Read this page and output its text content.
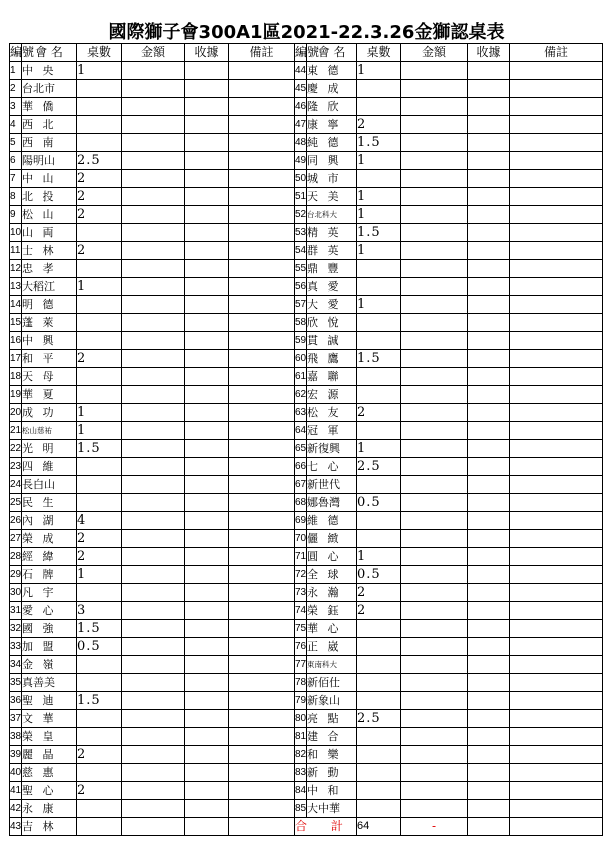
國際獅子會300A1區2021-22.3.26金獅認桌表
編號	會 名	桌數	金額	收據	備註	編號	會 名	桌數	金額	收據	備註
1	中 央	1				44	東 德	1			
2	台北市					45	慶 成				
3	華 僑					46	隆 欣				
4	西 北					47	康 寧	2			
5	西 南					48	純 德	1.5			
6	陽明山	2.5				49	同 興	1			
7	中 山	2				50	城 市				
8	北 投	2				51	天 美	1			
9	松 山	2				52	台北科大	1			
10	山 両					53	精 英	1.5			
11	士 林	2				54	群 英	1			
12	忠 孝					55	鼎 豐				
13	大稻江	1				56	真 愛				
14	明 德					57	大 愛	1			
15	蓬 萊					58	欣 悅				
16	中 興					59	貫 誠				
17	和 平	2				60	飛 鷹	1.5			
18	天 母					61	嘉 聯				
19	華 夏					62	宏 源				
20	成 功	1				63	松 友	2			
21	松山慈祐	1				64	冠 軍				
22	光 明	1.5				65	新復興	1			
23	四 維					66	七 心	2.5			
24	長白山					67	新世代				
25	民 生					68	娜魯灣	0.5			
26	內 湖	4				69	維 德				
27	榮 成	2				70	儷 緻				
28	經 緯	2				71	圓 心	1			
29	石 牌	1				72	全 球	0.5			
30	凡 宇					73	永 瀚	2			
31	愛 心	3				74	榮 鈺	2			
32	國 強	1.5				75	華 心				
33	加 盟	0.5				76	正 崴				
34	金 嶺					77	東南科大				
35	真善美					78	新佰仕				
36	聖 迪	1.5				79	新象山				
37	文 華					80	亮 點	2.5			
38	榮 皇					81	建 合				
39	麗 晶	2				82	和 樂				
40	慈 惠					83	新 動				
41	聖 心	2				84	中 和				
42	永 康					85	大中華				
43	吉 林					合 計		64	-		
